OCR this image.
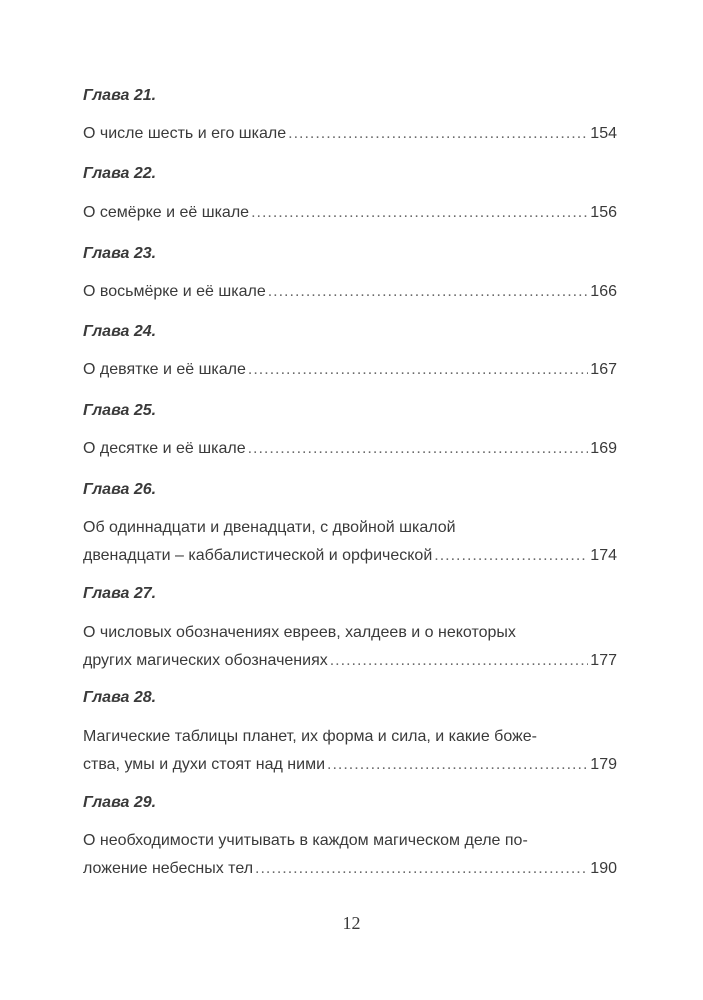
Глава 21.
О числе шесть и его шкале .....	154
Глава 22.
О семёрке и её шкале .....	156
Глава 23.
О восьмёрке и её шкале .....	166
Глава 24.
О девятке и её шкале .....	167
Глава 25.
О десятке и её шкале .....	169
Глава 26.
Об одиннадцати и двенадцати, с двойной шкалой
двенадцати – каббалистической и орфической .....	174
Глава 27.
О числовых обозначениях евреев, халдеев и о некоторых
других магических обозначениях .....	177
Глава 28.
Магические таблицы планет, их форма и сила, и какие боже-
ства, умы и духи стоят над ними .....	179
Глава 29.
О необходимости учитывать в каждом магическом деле по-
ложение небесных тел .....	190
12
